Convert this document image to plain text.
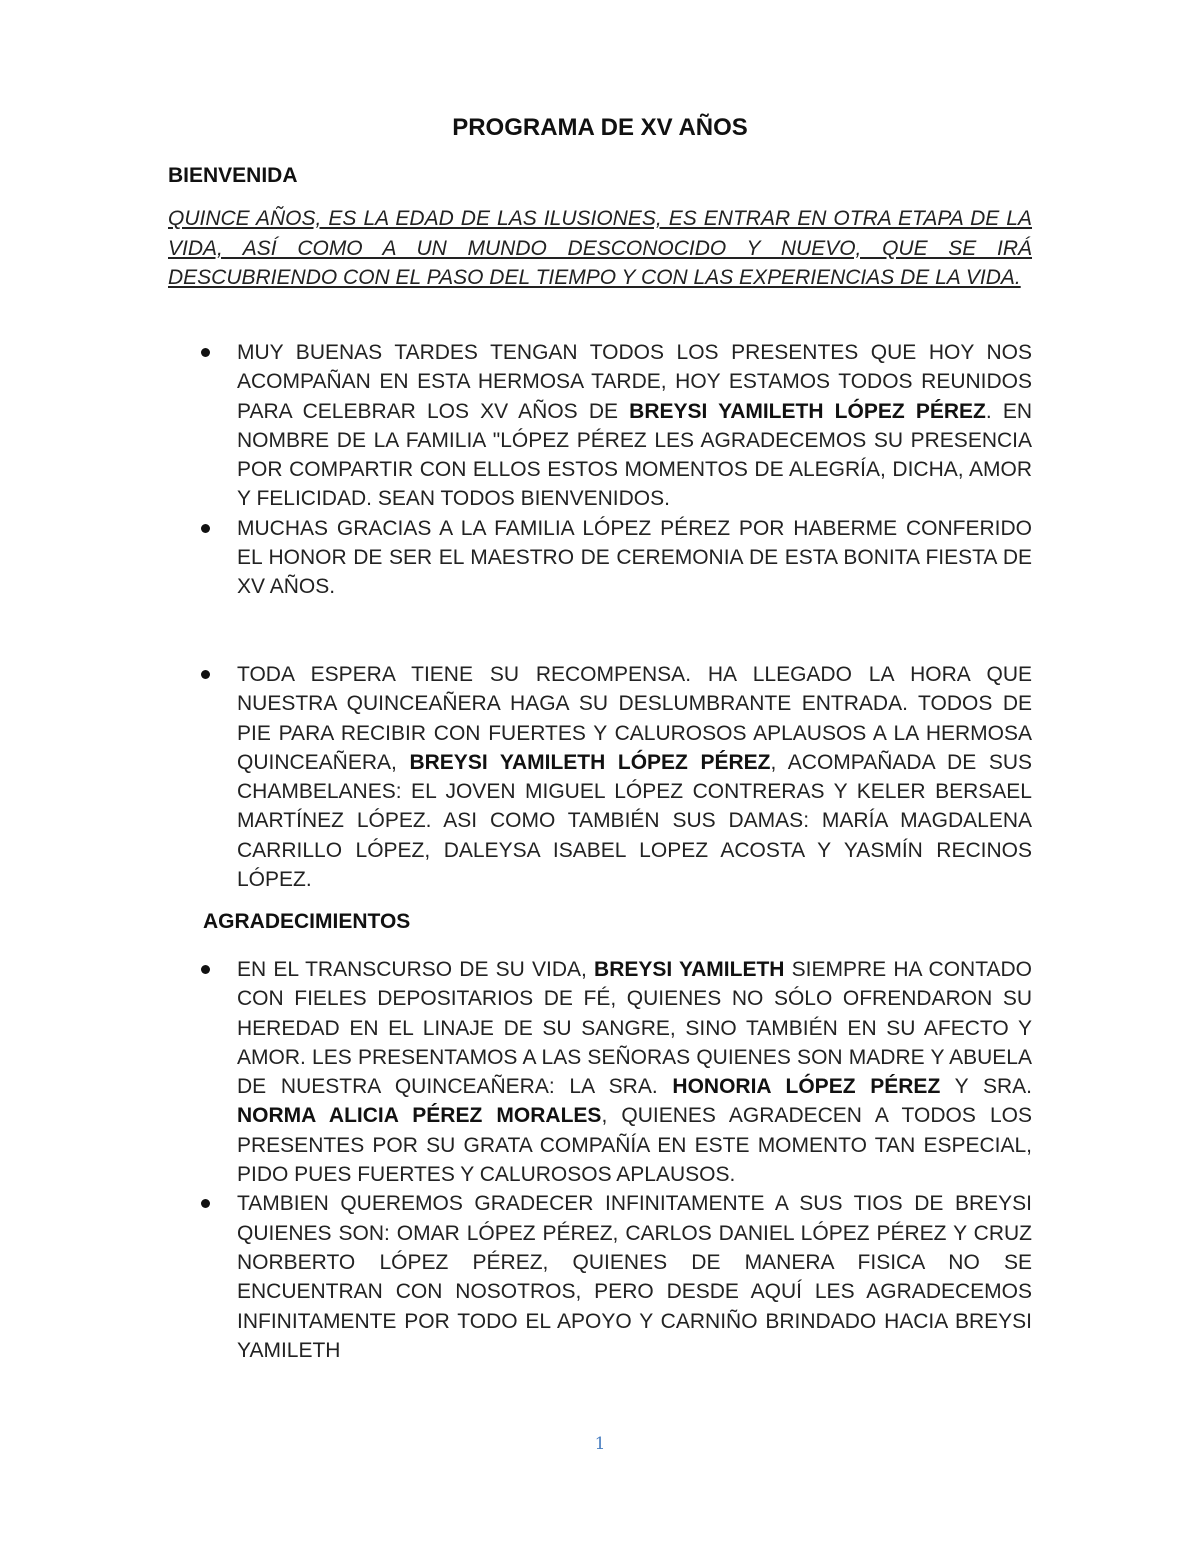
PROGRAMA DE XV AÑOS
BIENVENIDA

QUINCE AÑOS, ES LA EDAD DE LAS ILUSIONES, ES ENTRAR EN OTRA ETAPA DE LA VIDA, ASÍ COMO A UN MUNDO DESCONOCIDO Y NUEVO, QUE SE IRÁ DESCUBRIENDO CON EL PASO DEL TIEMPO Y CON LAS EXPERIENCIAS DE LA VIDA.

MUY BUENAS TARDES TENGAN TODOS LOS PRESENTES QUE HOY NOS ACOMPAÑAN EN ESTA HERMOSA TARDE, HOY ESTAMOS TODOS REUNIDOS PARA CELEBRAR LOS XV AÑOS DE BREYSI YAMILETH LÓPEZ PÉREZ. EN NOMBRE DE LA FAMILIA "LÓPEZ PÉREZ LES AGRADECEMOS SU PRESENCIA POR COMPARTIR CON ELLOS ESTOS MOMENTOS DE ALEGRÍA, DICHA, AMOR Y FELICIDAD. SEAN TODOS BIENVENIDOS.
MUCHAS GRACIAS A LA FAMILIA LÓPEZ PÉREZ POR HABERME CONFERIDO EL HONOR DE SER EL MAESTRO DE CEREMONIA DE ESTA BONITA FIESTA DE XV AÑOS.
TODA ESPERA TIENE SU RECOMPENSA. HA LLEGADO LA HORA QUE NUESTRA QUINCEAÑERA HAGA SU DESLUMBRANTE ENTRADA. TODOS DE PIE PARA RECIBIR CON FUERTES Y CALUROSOS APLAUSOS A LA HERMOSA QUINCEAÑERA, BREYSI YAMILETH LÓPEZ PÉREZ, ACOMPAÑADA DE SUS CHAMBELANES: EL JOVEN MIGUEL LÓPEZ CONTRERAS Y KELER BERSAEL MARTÍNEZ LÓPEZ. ASI COMO TAMBIÉN SUS DAMAS: MARÍA MAGDALENA CARRILLO LÓPEZ, DALEYSA ISABEL LOPEZ ACOSTA Y YASMÍN RECINOS LÓPEZ.
AGRADECIMIENTOS
EN EL TRANSCURSO DE SU VIDA, BREYSI YAMILETH SIEMPRE HA CONTADO CON FIELES DEPOSITARIOS DE FÉ, QUIENES NO SÓLO OFRENDARON SU HEREDAD EN EL LINAJE DE SU SANGRE, SINO TAMBIÉN EN SU AFECTO Y AMOR. LES PRESENTAMOS A LAS SEÑORAS QUIENES SON MADRE Y ABUELA DE NUESTRA QUINCEAÑERA: LA SRA. HONORIA LÓPEZ PÉREZ Y SRA. NORMA ALICIA PÉREZ MORALES, QUIENES AGRADECEN A TODOS LOS PRESENTES POR SU GRATA COMPAÑÍA EN ESTE MOMENTO TAN ESPECIAL, PIDO PUES FUERTES Y CALUROSOS APLAUSOS.
TAMBIEN QUEREMOS GRADECER INFINITAMENTE A SUS TIOS DE BREYSI QUIENES SON: OMAR LÓPEZ PÉREZ, CARLOS DANIEL LÓPEZ PÉREZ Y CRUZ NORBERTO LÓPEZ PÉREZ, QUIENES DE MANERA FISICA NO SE ENCUENTRAN CON NOSOTROS, PERO DESDE AQUÍ LES AGRADECEMOS INFINITAMENTE POR TODO EL APOYO Y CARNIÑO BRINDADO HACIA BREYSI YAMILETH
1
